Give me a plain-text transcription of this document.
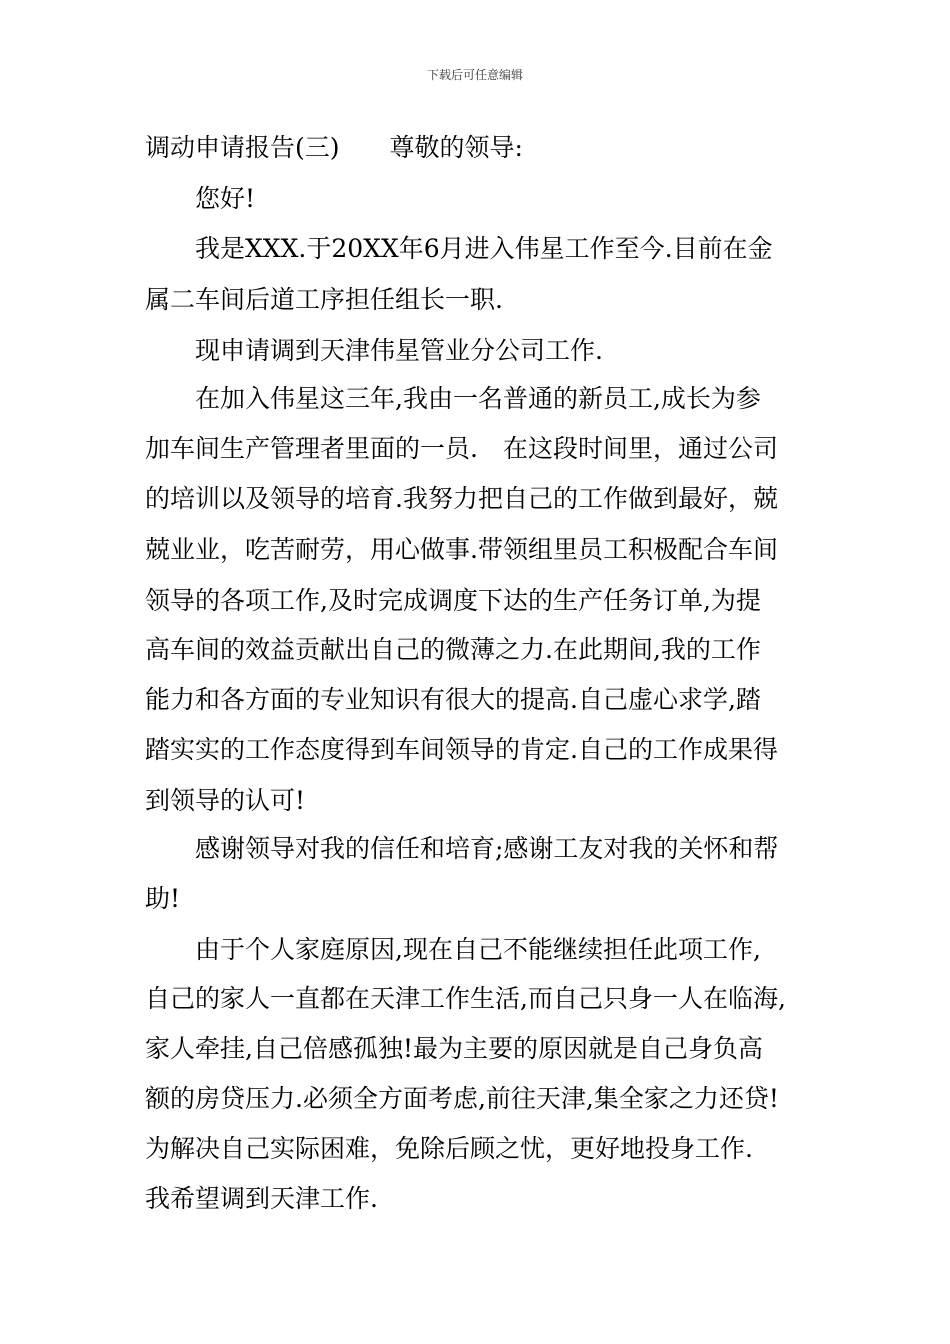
下载后可任意编辑
调动申请报告(三)　　尊敬的领导:
　　您好!
　　我是XXX.于20XX年6月进入伟星工作至今.目前在金
属二车间后道工序担任组长一职.
　　现申请调到天津伟星管业分公司工作.
　　在加入伟星这三年,我由一名普通的新员工,成长为参
加车间生产管理者里面的一员.　在这段时间里，通过公司
的培训以及领导的培育.我努力把自己的工作做到最好，兢
兢业业，吃苦耐劳，用心做事.带领组里员工积极配合车间
领导的各项工作,及时完成调度下达的生产任务订单,为提
高车间的效益贡献出自己的微薄之力.在此期间,我的工作
能力和各方面的专业知识有很大的提高.自己虚心求学,踏
踏实实的工作态度得到车间领导的肯定.自己的工作成果得
到领导的认可!
　　感谢领导对我的信任和培育;感谢工友对我的关怀和帮
助!
　　由于个人家庭原因,现在自己不能继续担任此项工作,
自己的家人一直都在天津工作生活,而自己只身一人在临海,
家人牵挂,自己倍感孤独!最为主要的原因就是自己身负高
额的房贷压力.必须全方面考虑,前往天津,集全家之力还贷!
为解决自己实际困难，免除后顾之忧，更好地投身工作.
我希望调到天津工作.
